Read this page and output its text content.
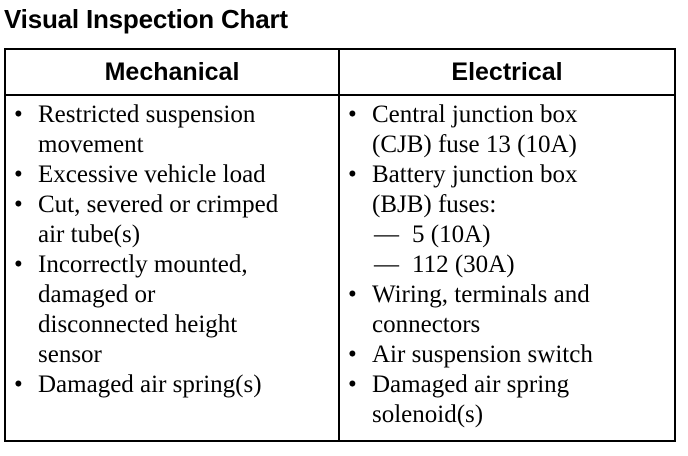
Visual Inspection Chart
Mechanical	Electrical
• Restricted suspension
movement
• Excessive vehicle load
• Cut, severed or crimped
air tube(s)
• Incorrectly mounted,
damaged or
disconnected height
sensor
• Damaged air spring(s)
• Central junction box
(CJB) fuse 13 (10A)
• Battery junction box
(BJB) fuses:
— 5 (10A)
— 112 (30A)
• Wiring, terminals and
connectors
• Air suspension switch
• Damaged air spring
solenoid(s)
